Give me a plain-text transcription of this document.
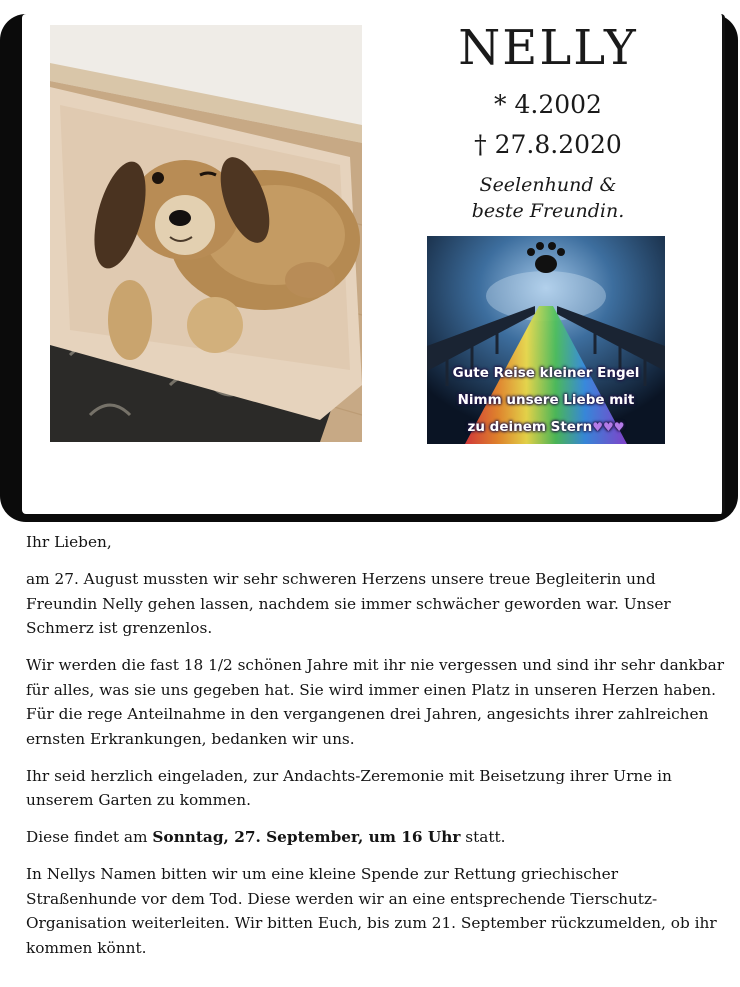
NELLY
* 4.2002
† 27.8.2020
Seelenhund &
beste Freundin.
Gute Reise kleiner Engel
Nimm unsere Liebe mit
zu deinem Stern♥♥♥

Ihr Lieben,

am 27. August mussten wir sehr schweren Herzens unsere treue Begleiterin und Freundin Nelly gehen lassen, nachdem sie immer schwächer geworden war. Unser Schmerz ist grenzenlos.

Wir werden die fast 18 1/2 schönen Jahre mit ihr nie vergessen und sind ihr sehr dankbar für alles, was sie uns gegeben hat. Sie wird immer einen Platz in unseren Herzen haben. Für die rege Anteilnahme in den vergangenen drei Jahren, angesichts ihrer zahlreichen ernsten Erkrankungen, bedanken wir uns.

Ihr seid herzlich eingeladen, zur Andachts-Zeremonie mit Beisetzung ihrer Urne in unserem Garten zu kommen.

Diese findet am Sonntag, 27. September, um 16 Uhr statt.

In Nellys Namen bitten wir um eine kleine Spende zur Rettung griechischer Straßenhunde vor dem Tod. Diese werden wir an eine entsprechende Tierschutz-Organisation weiterleiten. Wir bitten Euch, bis zum 21. September rückzumelden, ob ihr kommen könnt.
